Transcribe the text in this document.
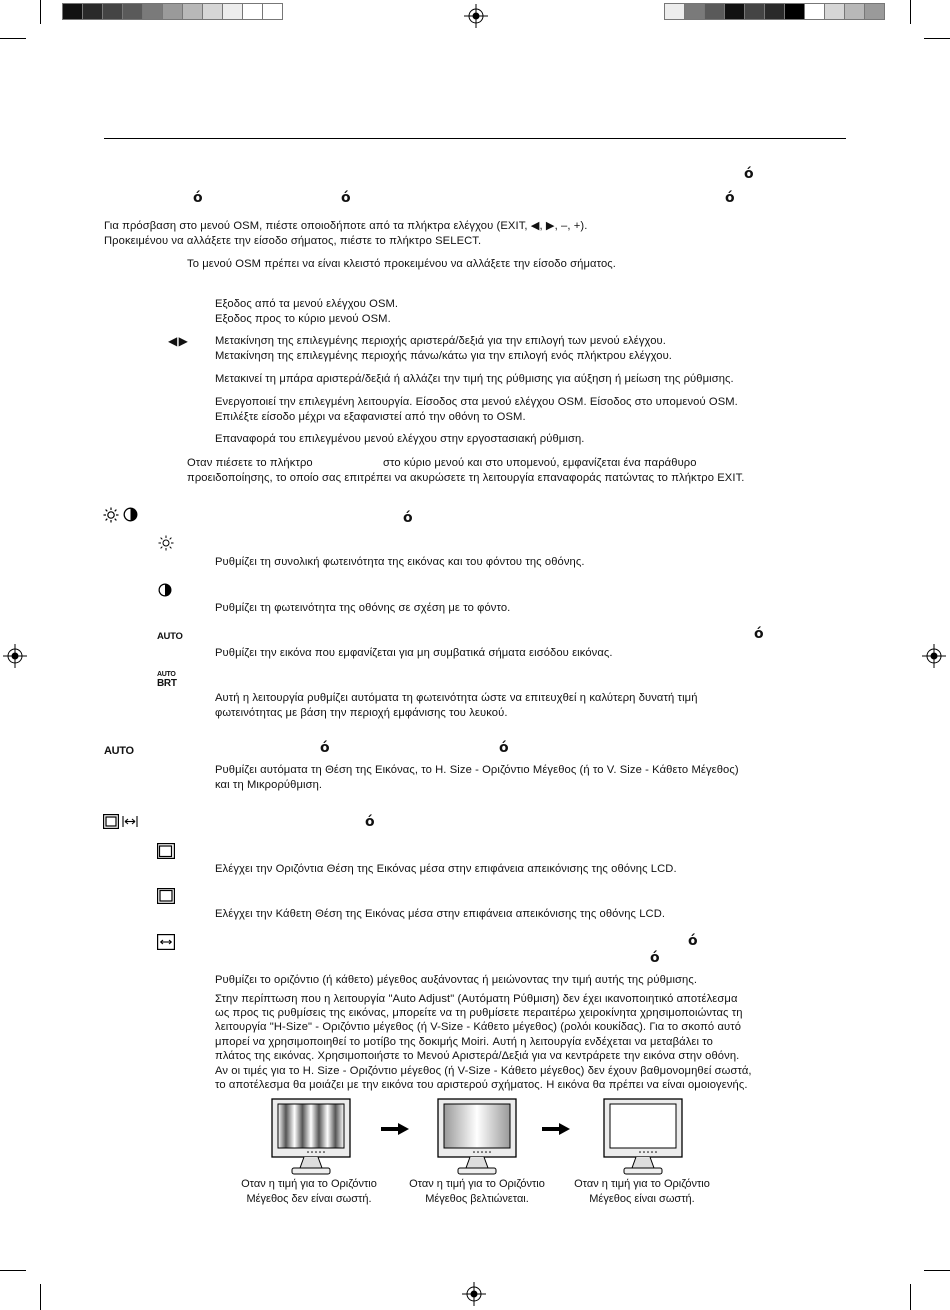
ό
ό	ό	ό
Για πρόσβαση στο μενού OSM, πιέστε οποιοδήποτε από τα πλήκτρα ελέγχου (EXIT, ◀, ▶, –, +).
Προκειμένου να αλλάξετε την είσοδο σήματος, πιέστε το πλήκτρο SELECT.
Το μενού OSM πρέπει να είναι κλειστό προκειμένου να αλλάξετε την είσοδο σήματος.
Εξοδος από τα μενού ελέγχου OSM.
Εξοδος προς το κύριο μενού OSM.
◀ ▶	Μετακίνηση της επιλεγμένης περιοχής αριστερά/δεξιά για την επιλογή των μενού ελέγχου.
Μετακίνηση της επιλεγμένης περιοχής πάνω/κάτω για την επιλογή ενός πλήκτρου ελέγχου.
Μετακινεί τη μπάρα αριστερά/δεξιά ή αλλάζει την τιμή της ρύθμισης για αύξηση ή μείωση της ρύθμισης.
Ενεργοποιεί την επιλεγμένη λειτουργία. Είσοδος στα μενού ελέγχου OSM. Είσοδος στο υπομενού OSM.
Επιλέξτε είσοδο μέχρι να εξαφανιστεί από την οθόνη το OSM.
Επαναφορά του επιλεγμένου μενού ελέγχου στην εργοστασιακή ρύθμιση.
Οταν πιέσετε το πλήκτρο	στο κύριο μενού και στο υπομενού, εμφανίζεται ένα παράθυρο
προειδοποίησης, το οποίο σας επιτρέπει να ακυρώσετε τη λειτουργία επαναφοράς πατώντας το πλήκτρο EXIT.
ό
Ρυθμίζει τη συνολική φωτεινότητα της εικόνας και του φόντου της οθόνης.
Ρυθμίζει τη φωτεινότητα της οθόνης σε σχέση με το φόντο.
AUTO	ό
Ρυθμίζει την εικόνα που εμφανίζεται για μη συμβατικά σήματα εισόδου εικόνας.
AUTO
BRT
Αυτή η λειτουργία ρυθμίζει αυτόματα τη φωτεινότητα ώστε να επιτευχθεί η καλύτερη δυνατή τιμή
φωτεινότητας με βάση την περιοχή εμφάνισης του λευκού.
AUTO	ό	ό
Ρυθμίζει αυτόματα τη Θέση της Εικόνας, το H. Size - Οριζόντιο Μέγεθος (ή το V. Size - Κάθετο Μέγεθος)
και τη Μικρορύθμιση.
ό
Ελέγχει την Οριζόντια Θέση της Εικόνας μέσα στην επιφάνεια απεικόνισης της οθόνης LCD.
Ελέγχει την Κάθετη Θέση της Εικόνας μέσα στην επιφάνεια απεικόνισης της οθόνης LCD.
ό
ό
Ρυθμίζει το οριζόντιο (ή κάθετο) μέγεθος αυξάνοντας ή μειώνοντας την τιμή αυτής της ρύθμισης.
Στην περίπτωση που η λειτουργία "Auto Adjust" (Αυτόματη Ρύθμιση) δεν έχει ικανοποιητικό αποτέλεσμα
ως προς τις ρυθμίσεις της εικόνας, μπορείτε να τη ρυθμίσετε περαιτέρω χειροκίνητα χρησιμοποιώντας τη
λειτουργία "H-Size" - Οριζόντιο μέγεθος (ή V-Size - Κάθετο μέγεθος) (ρολόι κουκίδας). Για το σκοπό αυτό
μπορεί να χρησιμοποιηθεί το μοτίβο της δοκιμής Moiri. Αυτή η λειτουργία ενδέχεται να μεταβάλει το
πλάτος της εικόνας. Χρησιμοποιήστε το Μενού Αριστερά/Δεξιά για να κεντράρετε την εικόνα στην οθόνη.
Αν οι τιμές για το H. Size - Οριζόντιο μέγεθος (ή V-Size - Κάθετο μέγεθος) δεν έχουν βαθμονομηθεί σωστά,
το αποτέλεσμα θα μοιάζει με την εικόνα του αριστερού σχήματος. Η εικόνα θα πρέπει να είναι ομοιογενής.
Οταν η τιμή για το Οριζόντιο
Μέγεθος δεν είναι σωστή.
Οταν η τιμή για το Οριζόντιο
Μέγεθος βελτιώνεται.
Οταν η τιμή για το Οριζόντιο
Μέγεθος είναι σωστή.
